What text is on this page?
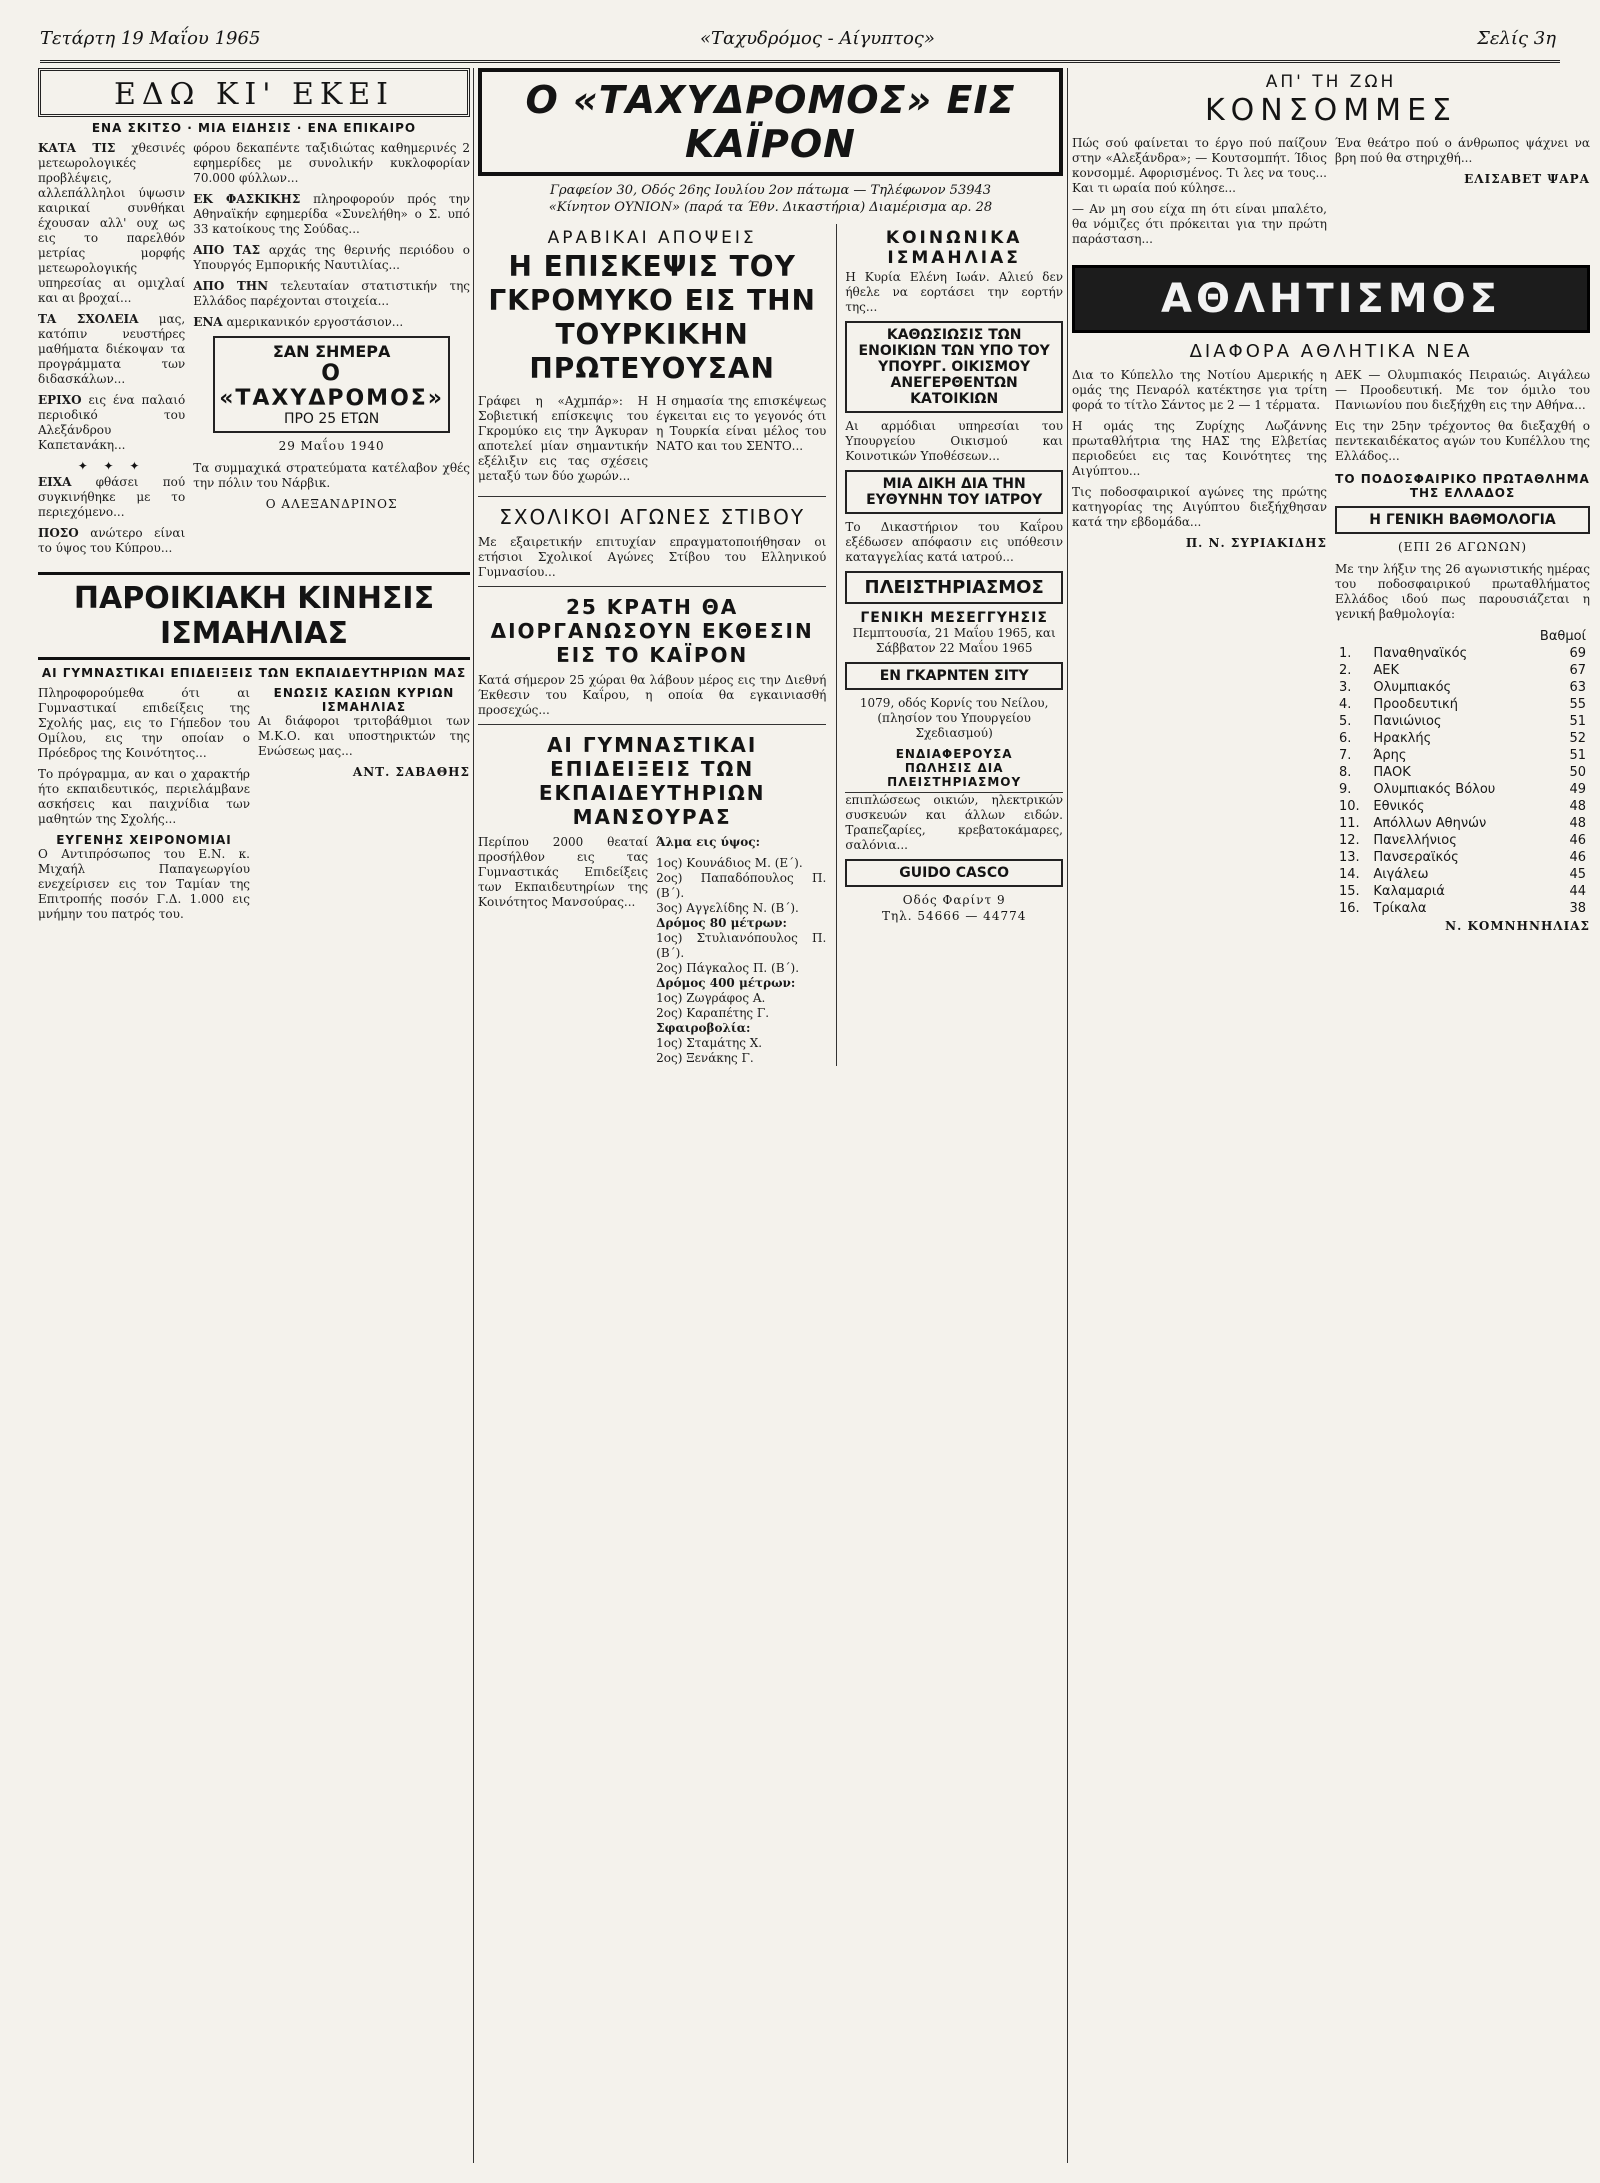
Τετάρτη 19 Μαΐου 1965	«Ταχυδρόμος - Αίγυπτος»	Σελίς 3η
ΕΔΩ ΚΙ' ΕΚΕΙ
ΕΝΑ ΣΚΙΤΣΟ · ΜΙΑ ΕΙΔΗΣΙΣ · ΕΝΑ ΕΠΙΚΑΙΡΟ

ΚΑΤΑ ΤΙΣ χθεσινές μετεωρολογικές προβλέψεις, αλλεπάλληλοι ύψωσιν καιρικαί συνθήκαι έχουσαν αλλ' ουχ ως εις το παρελθόν μετρίας μορφής μετεωρολογικής υπηρεσίας αι ομιχλαί και αι βροχαί...

ΤΑ ΣΧΟΛΕΙΑ μας, κατόπιν νευστήρες μαθήματα διέκοψαν τα προγράμματα των διδασκάλων...

ΕΡΙΧΟ εις ένα παλαιό περιοδικό του Αλεξάνδρου Καπετανάκη...

✦ ✦ ✦

ΕΙΧΑ φθάσει πού συγκινήθηκε με το περιεχόμενο...

ΠΟΣΟ ανώτερο είναι το ύψος του Κύπρου...

φόρου δεκαπέντε ταξιδιώτας καθημερινές 2 εφημερίδες με συνολικήν κυκλοφορίαν 70.000 φύλλων...

ΕΚ ΦΑΣΚΙΚΗΣ πληροφορούν πρός την Αθηναϊκήν εφημερίδα «Συνελήθη» ο Σ. υπό 33 κατοίκους της Σούδας...

ΑΠΟ ΤΑΣ αρχάς της θερινής περιόδου ο Υπουργός Εμπορικής Ναυτιλίας...

ΑΠΟ ΤΗΝ τελευταίαν στατιστικήν της Ελλάδος παρέχονται στοιχεία...

ΕΝΑ αμερικανικόν εργοστάσιον...

ΣΑΝ ΣΗΜΕΡΑ
Ο «ΤΑΧΥΔΡΟΜΟΣ»
ΠΡΟ 25 ΕΤΩΝ
29 Μαΐου 1940

Τα συμμαχικά στρατεύματα κατέλαβον χθές την πόλιν του Νάρβικ.

Ο ΑΛΕΞΑΝΔΡΙΝΟΣ
ΠΑΡΟΙΚΙΑΚΗ ΚΙΝΗΣΙΣ ΙΣΜΑΗΛΙΑΣ
ΑΙ ΓΥΜΝΑΣΤΙΚΑΙ ΕΠΙΔΕΙΞΕΙΣ ΤΩΝ ΕΚΠΑΙΔΕΥΤΗΡΙΩΝ ΜΑΣ

Πληροφορούμεθα ότι αι Γυμναστικαί επιδείξεις της Σχολής μας, εις το Γήπεδον του Ομίλου, εις την οποίαν ο Πρόεδρος της Κοινότητος...

Το πρόγραμμα, αν και ο χαρακτήρ ήτο εκπαιδευτικός, περιελάμβανε ασκήσεις και παιχνίδια των μαθητών της Σχολής...

ΕΥΓΕΝΗΣ ΧΕΙΡΟΝΟΜΙΑΙ

Ο Αντιπρόσωπος του Ε.Ν. κ. Μιχαήλ Παπαγεωργίου ενεχείρισεν εις τον Ταμίαν της Επιτροπής ποσόν Γ.Δ. 1.000 εις μνήμην του πατρός του.

ΕΝΩΣΙΣ ΚΑΣΙΩΝ ΚΥΡΙΩΝ ΙΣΜΑΗΛΙΑΣ

Αι διάφοροι τριτοβάθμιοι των Μ.Κ.Ο. και υποστηρικτών της Ενώσεως μας...

ΑΝΤ. ΣΑΒΑΘΗΣ
Ο «ΤΑΧΥΔΡΟΜΟΣ» ΕΙΣ ΚΑΪΡΟΝ
Γραφείον 30, Οδός 26ης Ιουλίου 2ον πάτωμα — Τηλέφωνον 53943
«Κίνητον ΟΥΝΙΟΝ» (παρά τα Έθν. Δικαστήρια) Διαμέρισμα αρ. 28
ΑΡΑΒΙΚΑΙ ΑΠΟΨΕΙΣ
Η ΕΠΙΣΚΕΨΙΣ ΤΟΥ ΓΚΡΟΜΥΚΟ ΕΙΣ ΤΗΝ ΤΟΥΡΚΙΚΗΝ ΠΡΩΤΕΥΟΥΣΑΝ

Γράφει η «Αχμπάρ»: Η Σοβιετική επίσκεψις του Γκρομύκο εις την Άγκυραν αποτελεί μίαν σημαντικήν εξέλιξιν εις τας σχέσεις μεταξύ των δύο χωρών...

Η σημασία της επισκέψεως έγκειται εις το γεγονός ότι η Τουρκία είναι μέλος του ΝΑΤΟ και του ΣΕΝΤΟ...

ΣΧΟΛΙΚΟΙ ΑΓΩΝΕΣ ΣΤΙΒΟΥ

Με εξαιρετικήν επιτυχίαν επραγματοποιήθησαν οι ετήσιοι Σχολικοί Αγώνες Στίβου του Ελληνικού Γυμνασίου...

25 ΚΡΑΤΗ ΘΑ ΔΙΟΡΓΑΝΩΣΟΥΝ ΕΚΘΕΣΙΝ ΕΙΣ ΤΟ ΚΑΪΡΟΝ

Κατά σήμερον 25 χώραι θα λάβουν μέρος εις την Διεθνή Έκθεσιν του Καΐρου, η οποία θα εγκαινιασθή προσεχώς...

ΑΙ ΓΥΜΝΑΣΤΙΚΑΙ ΕΠΙΔΕΙΞΕΙΣ ΤΩΝ ΕΚΠΑΙΔΕΥΤΗΡΙΩΝ ΜΑΝΣΟΥΡΑΣ

Περίπου 2000 θεαταί προσήλθον εις τας Γυμναστικάς Επιδείξεις των Εκπαιδευτηρίων της Κοινότητος Μανσούρας...

Άλμα εις ύψος:

1ος) Κουνάδιος Μ. (Ε΄).

2ος) Παπαδόπουλος Π. (Β΄).

3ος) Αγγελίδης Ν. (Β΄).

Δρόμος 80 μέτρων:

1ος) Στυλιανόπουλος Π. (Β΄).

2ος) Πάγκαλος Π. (Β΄).

Δρόμος 400 μέτρων:

1ος) Ζωγράφος Α.

2ος) Καραπέτης Γ.

Σφαιροβολία:

1ος) Σταμάτης Χ.

2ος) Ξενάκης Γ.

ΚΟΙΝΩΝΙΚΑ ΙΣΜΑΗΛΙΑΣ

Η Κυρία Ελένη Ιωάν. Αλιεύ δεν ήθελε να εορτάσει την εορτήν της...

ΚΑΘΩΣΙΩΣΙΣ ΤΩΝ ΕΝΟΙΚΙΩΝ ΤΩΝ ΥΠΟ ΤΟΥ ΥΠΟΥΡΓ. ΟΙΚΙΣΜΟΥ ΑΝΕΓΕΡΘΕΝΤΩΝ ΚΑΤΟΙΚΙΩΝ

Αι αρμόδιαι υπηρεσίαι του Υπουργείου Οικισμού και Κοινοτικών Υποθέσεων...

ΜΙΑ ΔΙΚΗ ΔΙΑ ΤΗΝ ΕΥΘΥΝΗΝ ΤΟΥ ΙΑΤΡΟΥ

Το Δικαστήριον του Καΐρου εξέδωσεν απόφασιν εις υπόθεσιν καταγγελίας κατά ιατρού...

ΠΛΕΙΣΤΗΡΙΑΣΜΟΣ
ΓΕΝΙΚΗ ΜΕΣΕΓΓΥΗΣΙΣ

Πεμπτουσία, 21 Μαΐου 1965, και Σάββατον 22 Μαΐου 1965

ΕΝ ΓΚΑΡΝΤΕΝ ΣΙΤΥ

1079, οδός Κορνίς του Νείλου, (πλησίον του Υπουργείου Σχεδιασμού)

ΕΝΔΙΑΦΕΡΟΥΣΑ
ΠΩΛΗΣΙΣ ΔΙΑ ΠΛΕΙΣΤΗΡΙΑΣΜΟΥ

επιπλώσεως οικιών, ηλεκτρικών συσκευών και άλλων ειδών. Τραπεζαρίες, κρεβατοκάμαρες, σαλόνια...

GUIDO CASCO
Οδός Φαρίντ 9
Τηλ. 54666 — 44774
ΑΠ' ΤΗ ΖΩΗ
ΚΟΝΣΟΜΜΕΣ

Πώς σού φαίνεται το έργο πού παίζουν στην «Αλεξάνδρα»; — Κουτσομπήτ. Ίδιος κονσομμέ. Αφορισμένος. Τι λες να τους... Και τι ωραία πού κύλησε...

— Αν μη σου είχα πη ότι είναι μπαλέτο, θα νόμιζες ότι πρόκειται για την πρώτη παράσταση...

Ένα θεάτρο πού ο άνθρωπος ψάχνει να βρη πού θα στηριχθή...

ΕΛΙΣΑΒΕΤ ΨΑΡΑ
ΑΘΛΗΤΙΣΜΟΣ
ΔΙΑΦΟΡΑ ΑΘΛΗΤΙΚΑ ΝΕΑ

Δια το Κύπελλο της Νοτίου Αμερικής η ομάς της Πεναρόλ κατέκτησε για τρίτη φορά το τίτλο Σάντος με 2 — 1 τέρματα.

Η ομάς της Ζυρίχης Λωζάννης πρωταθλήτρια της ΗΑΣ της Ελβετίας περιοδεύει εις τας Κοινότητες της Αιγύπτου...

Τις ποδοσφαιρικοί αγώνες της πρώτης κατηγορίας της Αιγύπτου διεξήχθησαν κατά την εβδομάδα...

Π. Ν. ΣΥΡΙΑΚΙΔΗΣ

ΑΕΚ — Ολυμπιακός Πειραιώς. Αιγάλεω — Προοδευτική. Με τον όμιλο του Πανιωνίου που διεξήχθη εις την Αθήνα...

Εις την 25ην τρέχοντος θα διεξαχθή ο πεντεκαιδέκατος αγών του Κυπέλλου της Ελλάδος...

ΤΟ ΠΟΔΟΣΦΑΙΡΙΚΟ ΠΡΩΤΑΘΛΗΜΑ ΤΗΣ ΕΛΛΑΔΟΣ
Η ΓΕΝΙΚΗ ΒΑΘΜΟΛΟΓΙΑ
(ΕΠΙ 26 ΑΓΩΝΩΝ)

Με την λήξιν της 26 αγωνιστικής ημέρας του ποδοσφαιρικού πρωταθλήματος Ελλάδος ιδού πως παρουσιάζεται η γενική βαθμολογία:

		Βαθμοί
1.	Παναθηναϊκός	69
2.	ΑΕΚ	67
3.	Ολυμπιακός	63
4.	Προοδευτική	55
5.	Πανιώνιος	51
6.	Ηρακλής	52
7.	Άρης	51
8.	ΠΑΟΚ	50
9.	Ολυμπιακός Βόλου	49
10.	Εθνικός	48
11.	Απόλλων Αθηνών	48
12.	Πανελλήνιος	46
13.	Πανσεραϊκός	46
14.	Αιγάλεω	45
15.	Καλαμαριά	44
16.	Τρίκαλα	38
Ν. ΚΟΜΝΗΝΗΛΙΑΣ
